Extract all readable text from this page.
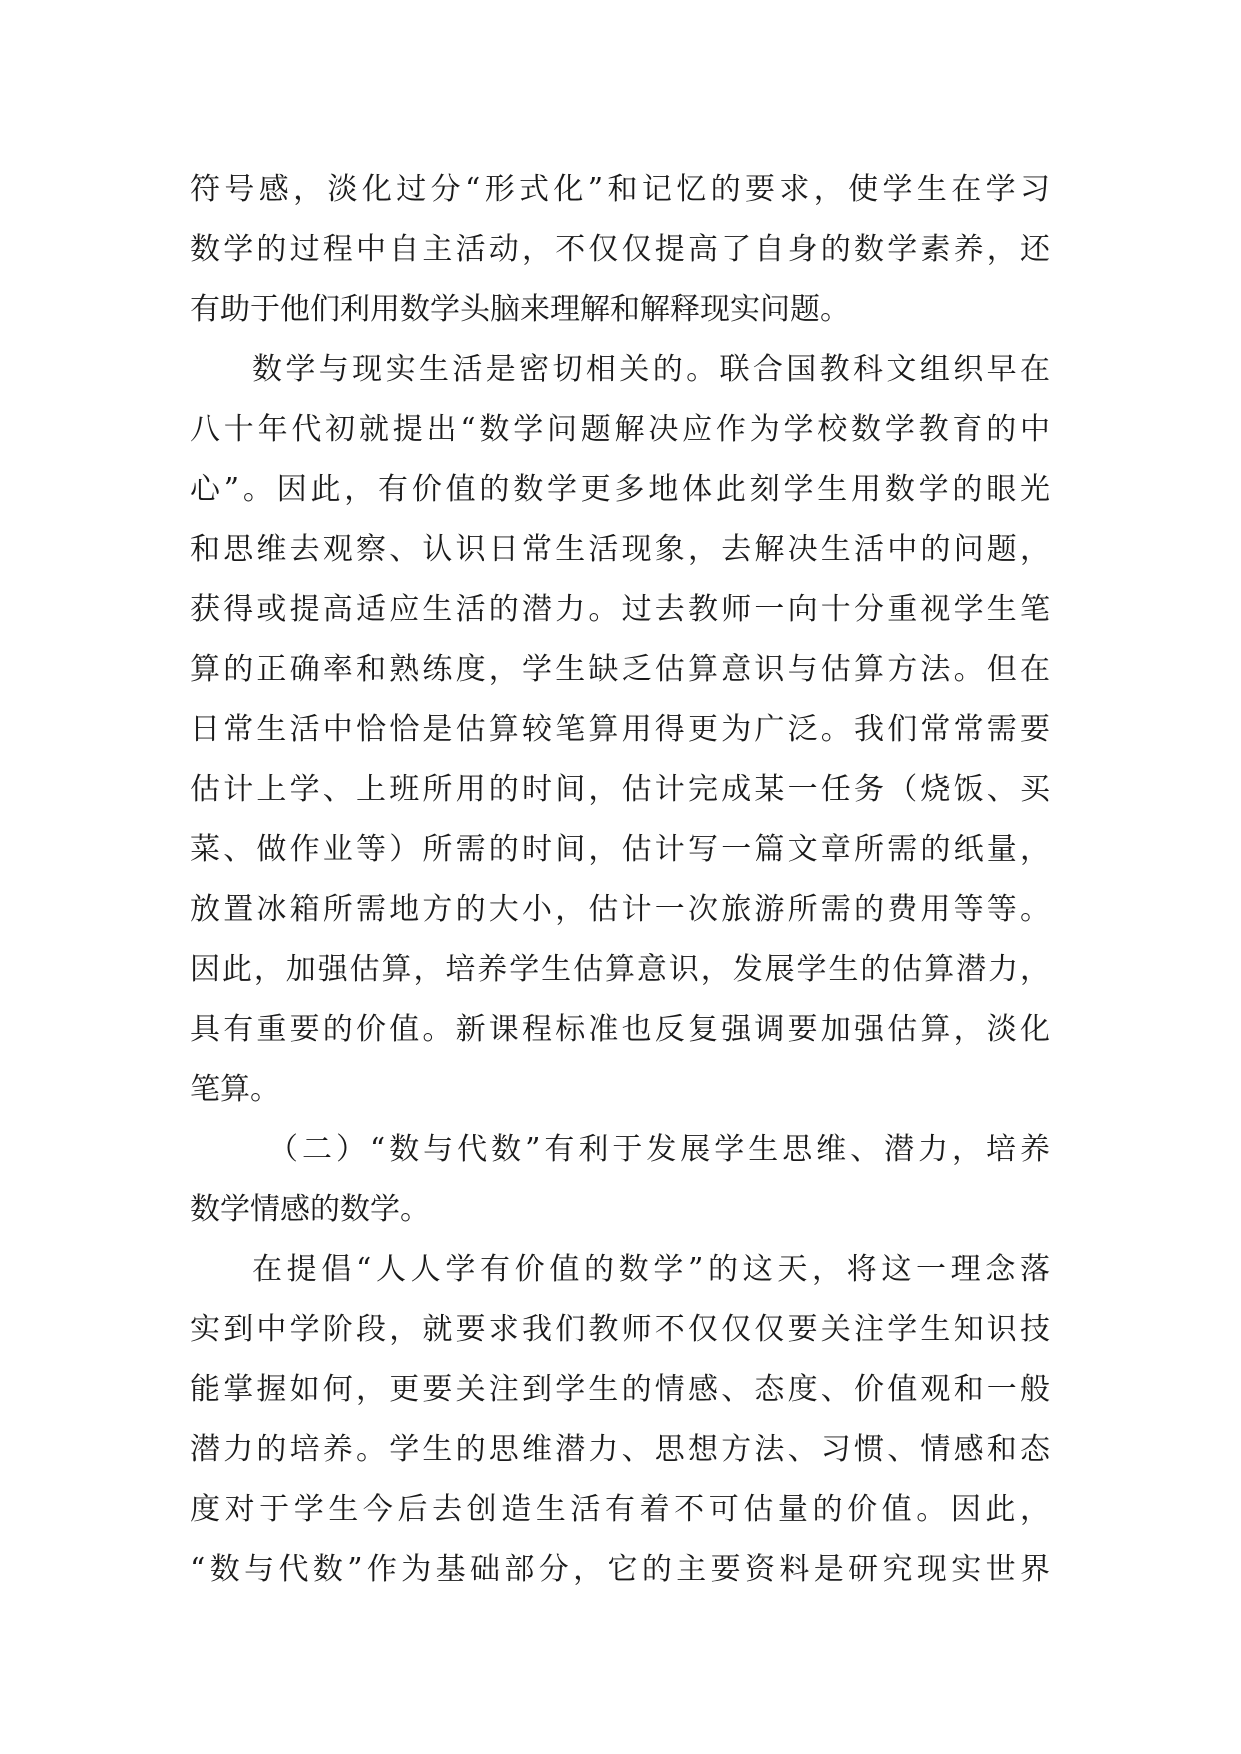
符号感，淡化过分“形式化”和记忆的要求，使学生在学习
数学的过程中自主活动，不仅仅提高了自身的数学素养，还
有助于他们利用数学头脑来理解和解释现实问题。
数学与现实生活是密切相关的。联合国教科文组织早在
八十年代初就提出“数学问题解决应作为学校数学教育的中
心”。因此，有价值的数学更多地体此刻学生用数学的眼光
和思维去观察、认识日常生活现象，去解决生活中的问题，
获得或提高适应生活的潜力。过去教师一向十分重视学生笔
算的正确率和熟练度，学生缺乏估算意识与估算方法。但在
日常生活中恰恰是估算较笔算用得更为广泛。我们常常需要
估计上学、上班所用的时间，估计完成某一任务（烧饭、买
菜、做作业等）所需的时间，估计写一篇文章所需的纸量，
放置冰箱所需地方的大小，估计一次旅游所需的费用等等。
因此，加强估算，培养学生估算意识，发展学生的估算潜力，
具有重要的价值。新课程标准也反复强调要加强估算，淡化
笔算。
（二）“数与代数”有利于发展学生思维、潜力，培养
数学情感的数学。
在提倡“人人学有价值的数学”的这天，将这一理念落
实到中学阶段，就要求我们教师不仅仅仅要关注学生知识技
能掌握如何，更要关注到学生的情感、态度、价值观和一般
潜力的培养。学生的思维潜力、思想方法、习惯、情感和态
度对于学生今后去创造生活有着不可估量的价值。因此，
“数与代数”作为基础部分，它的主要资料是研究现实世界
